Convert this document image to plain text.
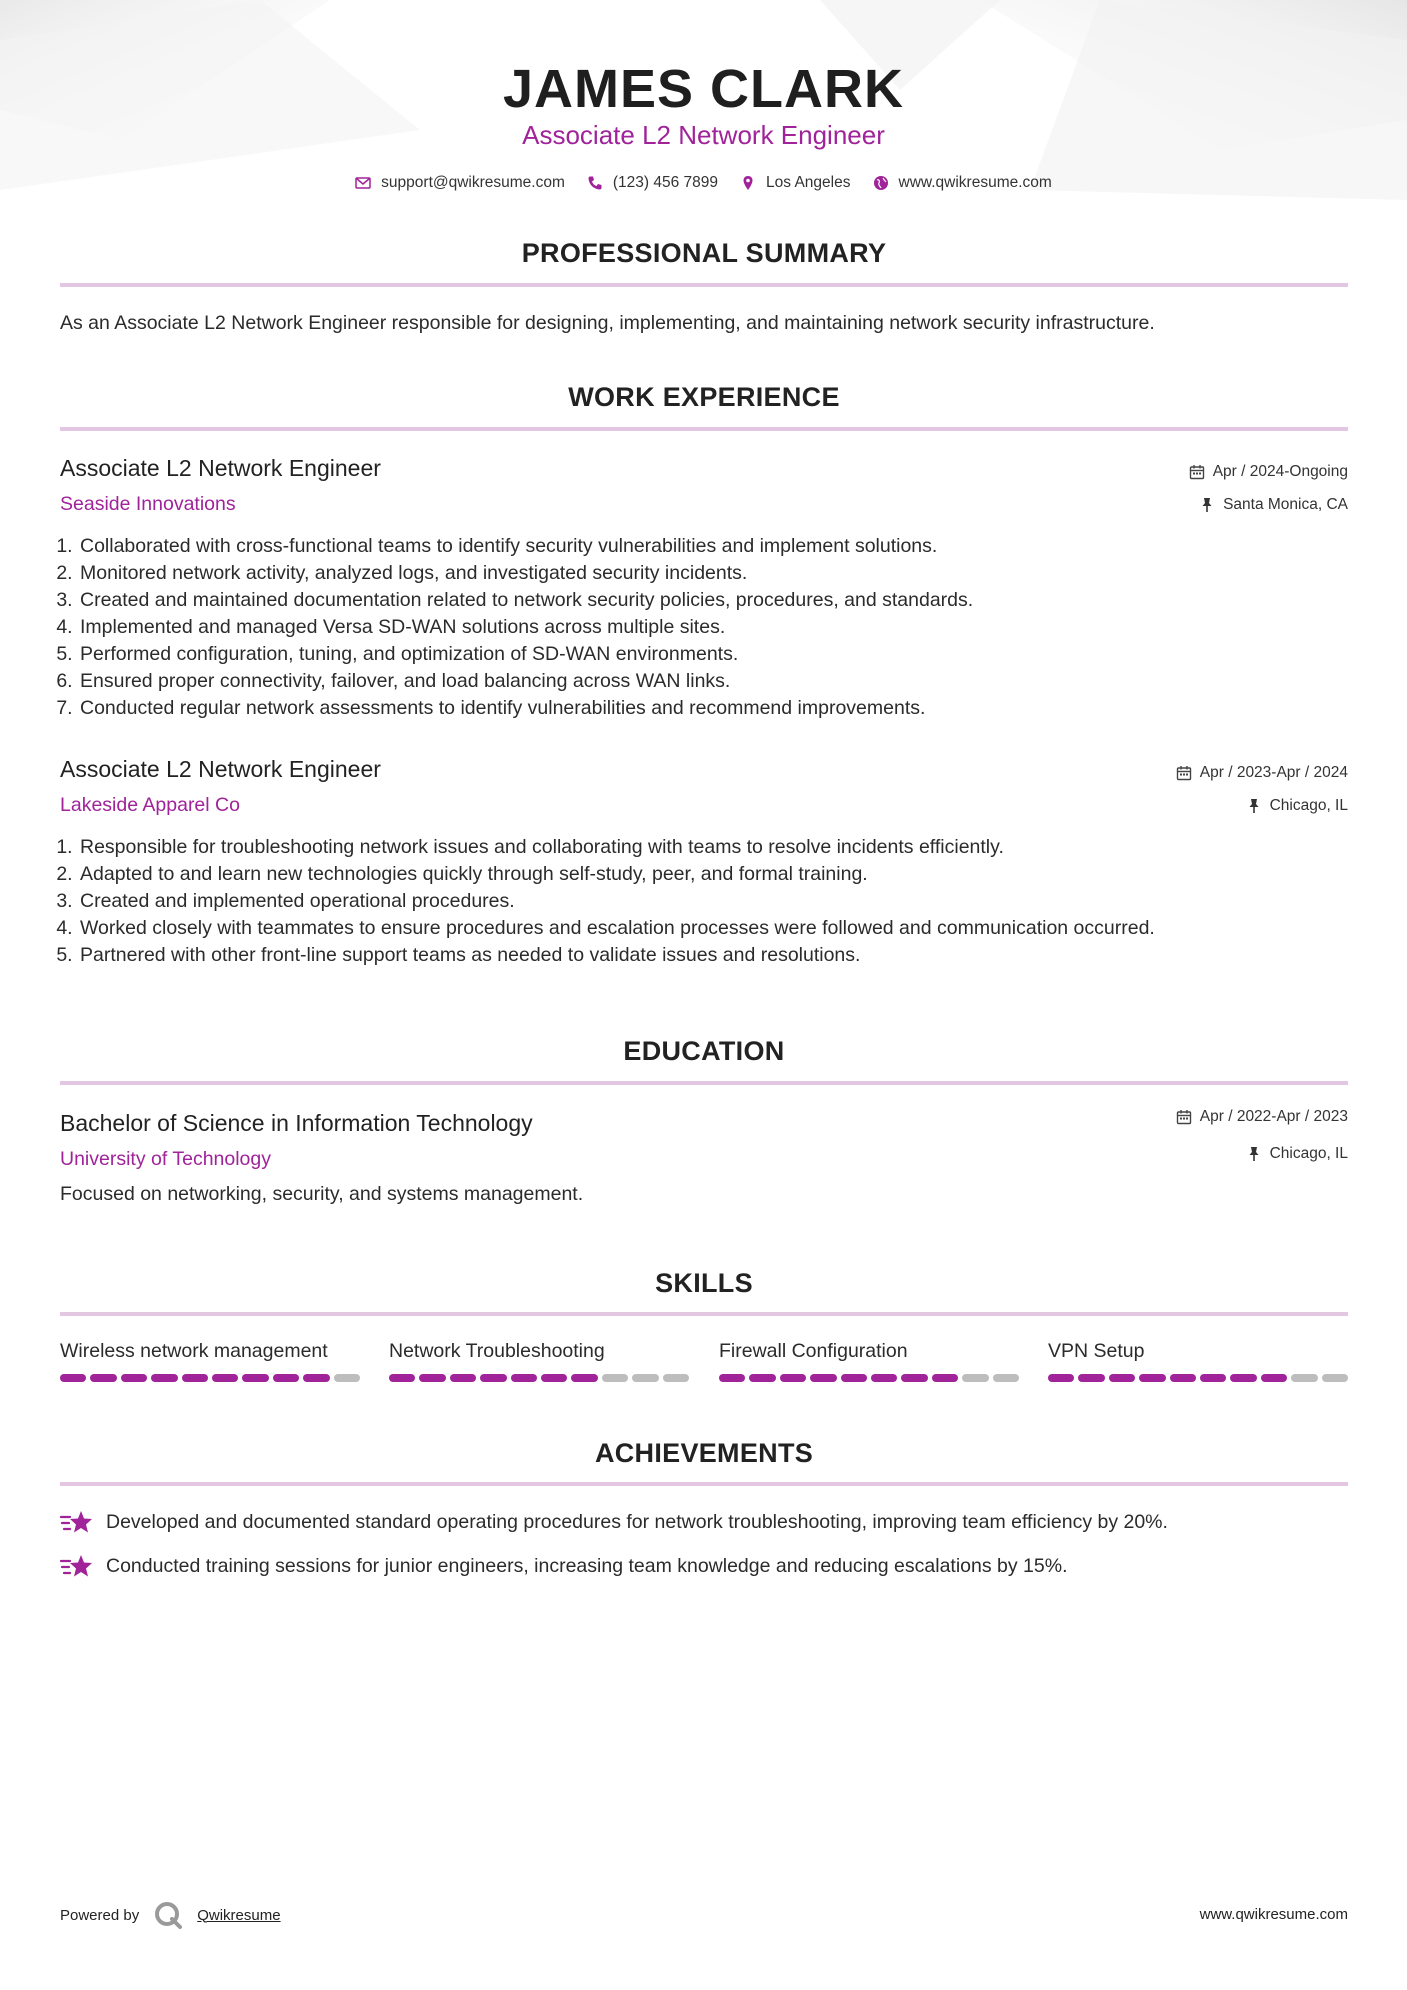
JAMES CLARK
Associate L2 Network Engineer
support@qwikresume.com	(123) 456 7899	Los Angeles	www.qwikresume.com
PROFESSIONAL SUMMARY
As an Associate L2 Network Engineer responsible for designing, implementing, and maintaining network security infrastructure.
WORK EXPERIENCE
Associate L2 Network Engineer
Seaside Innovations
Apr / 2024-Ongoing
Santa Monica, CA
1. Collaborated with cross-functional teams to identify security vulnerabilities and implement solutions.
2. Monitored network activity, analyzed logs, and investigated security incidents.
3. Created and maintained documentation related to network security policies, procedures, and standards.
4. Implemented and managed Versa SD-WAN solutions across multiple sites.
5. Performed configuration, tuning, and optimization of SD-WAN environments.
6. Ensured proper connectivity, failover, and load balancing across WAN links.
7. Conducted regular network assessments to identify vulnerabilities and recommend improvements.
Associate L2 Network Engineer
Lakeside Apparel Co
Apr / 2023-Apr / 2024
Chicago, IL
1. Responsible for troubleshooting network issues and collaborating with teams to resolve incidents efficiently.
2. Adapted to and learn new technologies quickly through self-study, peer, and formal training.
3. Created and implemented operational procedures.
4. Worked closely with teammates to ensure procedures and escalation processes were followed and communication occurred.
5. Partnered with other front-line support teams as needed to validate issues and resolutions.
EDUCATION
Bachelor of Science in Information Technology
University of Technology
Apr / 2022-Apr / 2023
Chicago, IL
Focused on networking, security, and systems management.
SKILLS
Wireless network management	Network Troubleshooting	Firewall Configuration	VPN Setup
ACHIEVEMENTS
Developed and documented standard operating procedures for network troubleshooting, improving team efficiency by 20%.
Conducted training sessions for junior engineers, increasing team knowledge and reducing escalations by 15%.
Powered by	Qwikresume	www.qwikresume.com
